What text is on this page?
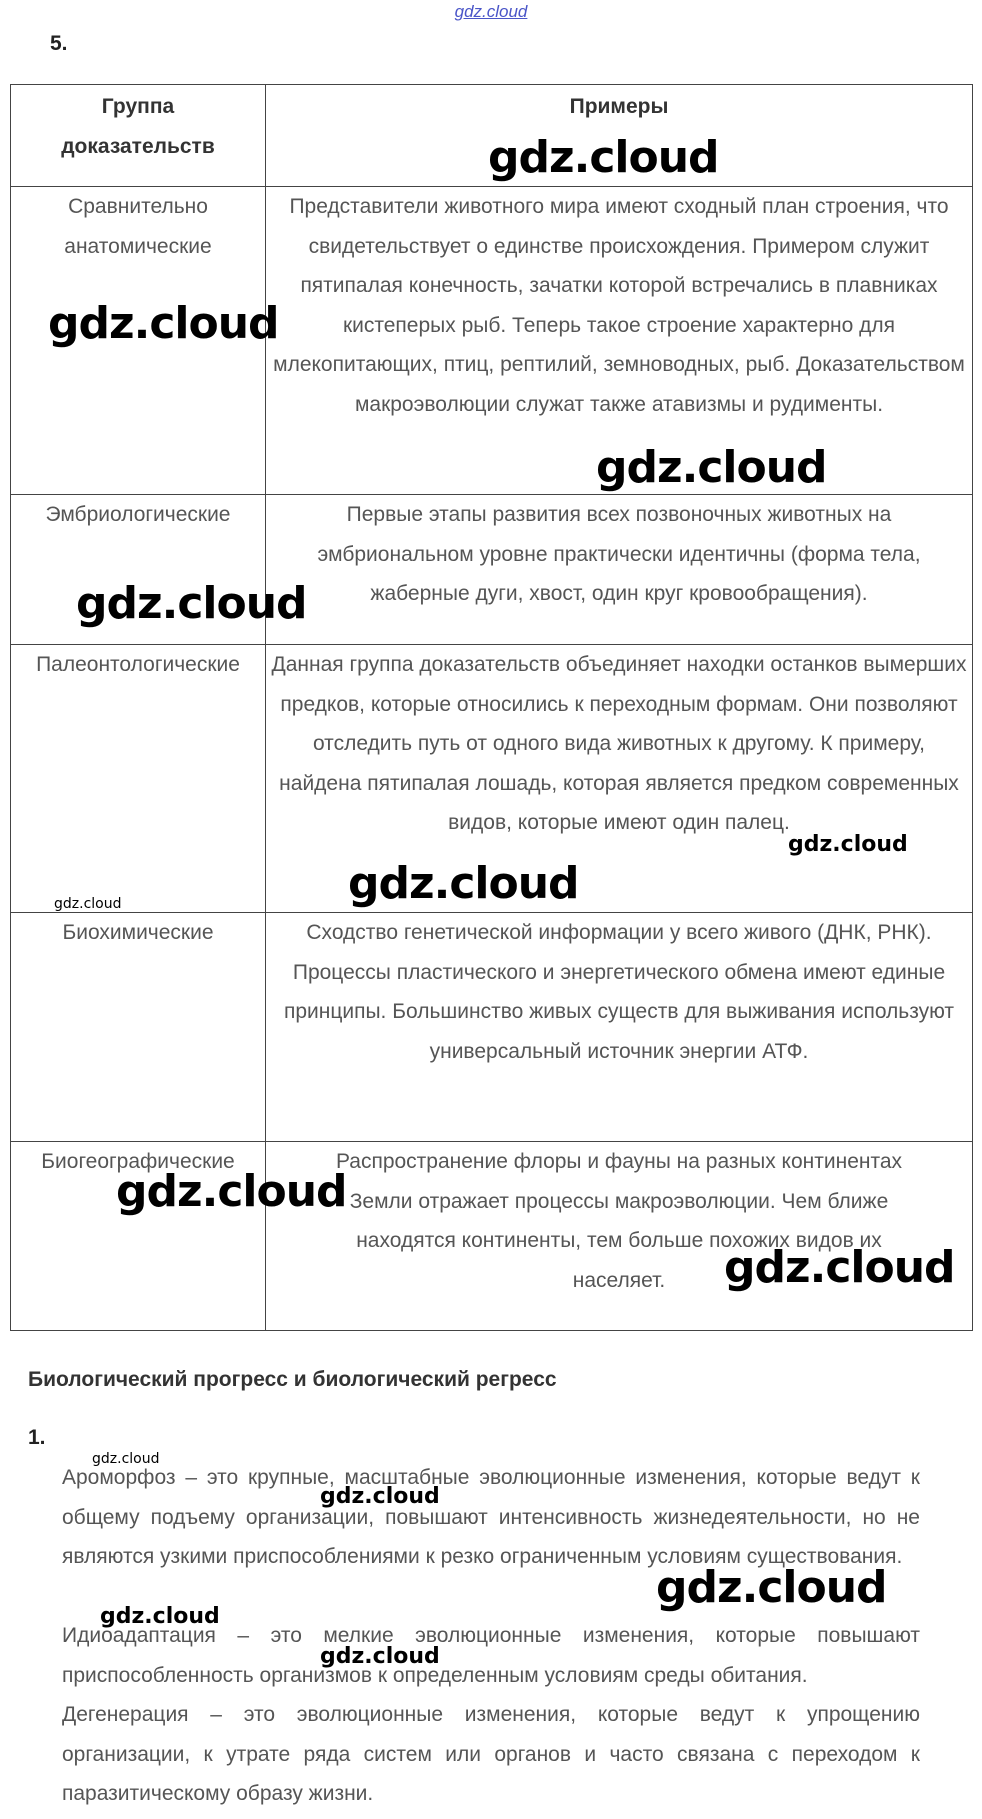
gdz.cloud
5.
Группа доказательств	Примеры
Сравнительно анатомические	Представители животного мира имеют сходный план строения, что свидетельствует о единстве происхождения. Примером служит пятипалая конечность, зачатки которой встречались в плавниках кистеперых рыб. Теперь такое строение характерно для млекопитающих, птиц, рептилий, земноводных, рыб. Доказательством макроэволюции служат также атавизмы и рудименты.
Эмбриологические	Первые этапы развития всех позвоночных животных на эмбриональном уровне практически идентичны (форма тела, жаберные дуги, хвост, один круг кровообращения).
Палеонтологические	Данная группа доказательств объединяет находки останков вымерших предков, которые относились к переходным формам. Они позволяют отследить путь от одного вида животных к другому. К примеру, найдена пятипалая лошадь, которая является предком современных видов, которые имеют один палец.
Биохимические	Сходство генетической информации у всего живого (ДНК, РНК). Процессы пластического и энергетического обмена имеют единые принципы. Большинство живых существ для выживания используют универсальный источник энергии АТФ.
Биогеографические	Распространение флоры и фауны на разных континентах Земли отражает процессы макроэволюции. Чем ближе находятся континенты, тем больше похожих видов их населяет.
Биологический прогресс и биологический регресс
1.

Ароморфоз – это крупные, масштабные эволюционные изменения, которые ведут к общему подъему организации, повышают интенсивность жизнедеятельности, но не являются узкими приспособлениями к резко ограниченным условиям существования.

Идиоадаптация – это мелкие эволюционные изменения, которые повышают приспособленность организмов к определенным условиям среды обитания.

Дегенерация – это эволюционные изменения, которые ведут к упрощению организации, к утрате ряда систем или органов и часто связана с переходом к паразитическому образу жизни.

gdz.cloud
gdz.cloud
gdz.cloud
gdz.cloud
gdz.cloud
gdz.cloud
gdz.cloud
gdz.cloud
gdz.cloud
gdz.cloud
gdz.cloud
gdz.cloud
gdz.cloud
gdz.cloud
